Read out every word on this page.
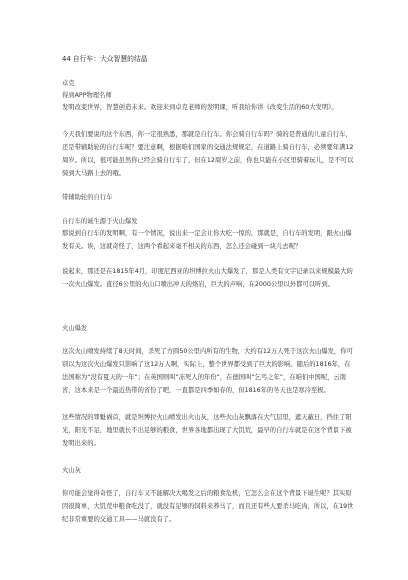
44 自行车：大众智慧的结晶
卓克
得到APP物理名师
发明改变世界，智慧创造未来。欢迎来到卓克老师的发明课，听我给你讲《改变生活的60大发明》。
今天我们要说的这个东西，你一定很熟悉，那就是自行车。你会骑自行车吗？骑的是普通的儿童自行车，还是带辅助轮的自行车呢？要注意啊，根据咱们国家的交通法规规定，在道路上骑自行车，必须要年满12周岁。所以，很可能虽然你已经会骑自行车了，但在12周岁之前，你也只能在小区里骑着玩儿，是不可以骑到大马路上去的哦。
带辅助轮的自行车
自行车的诞生源于火山爆发
那说到自行车的发明啊，有一个情况，说出来一定会让你大吃一惊的，那就是，自行车的发明，跟火山爆发有关。诶，这就奇怪了，这两个看起来毫不相关的东西，怎么还会碰到一块儿去呢？
说起来，那还是在1815年4月，印度尼西亚的坦博拉火山大爆发了，那是人类有文字记录以来规模最大的一次火山爆发。直径6公里的火山口喷出冲天的烙岩，巨大的声响，在2000公里以外都可以听到。
火山爆发
这次火山喷发持续了8天时间，杀死了方圆50公里内所有的生物，大约有12万人死于这次火山爆发，你可别以为这次火山爆发只影响了这12万人啊，实际上，整个世界都受到了巨大的影响。随后的1816年，在法国称为“没有夏天的一年”；在英国则叫“冻死人的年份”，在德国叫“乞丐之年”，在咱们中国呢，云南省，这本来是一个最近热带的省份了吧，一直都是四季如春的，但1816年的冬天也是寒冷至极。
这些情况的罪魁祸首，就是坦博拉火山喷发出火山灰，这些火山灰飘落在大气层里，遮天蔽日，挡住了阳光，阳光不足，地里就长不出足够的粮食，世界各地都出现了大饥荒，最早的自行车就是在这个背景下被发明出来的。
火山灰
你可能会觉得奇怪了，自行车又不能解决大喝发之后的粮食危机，它怎么会在这个背景下诞生呢？其实原因很简单，大饥荒中粮食吃没了，就没有足够的饲料来养马了，而且还有些人要杀马吃肉，所以，在19世纪非常重要的交通工具——马就没有了。
